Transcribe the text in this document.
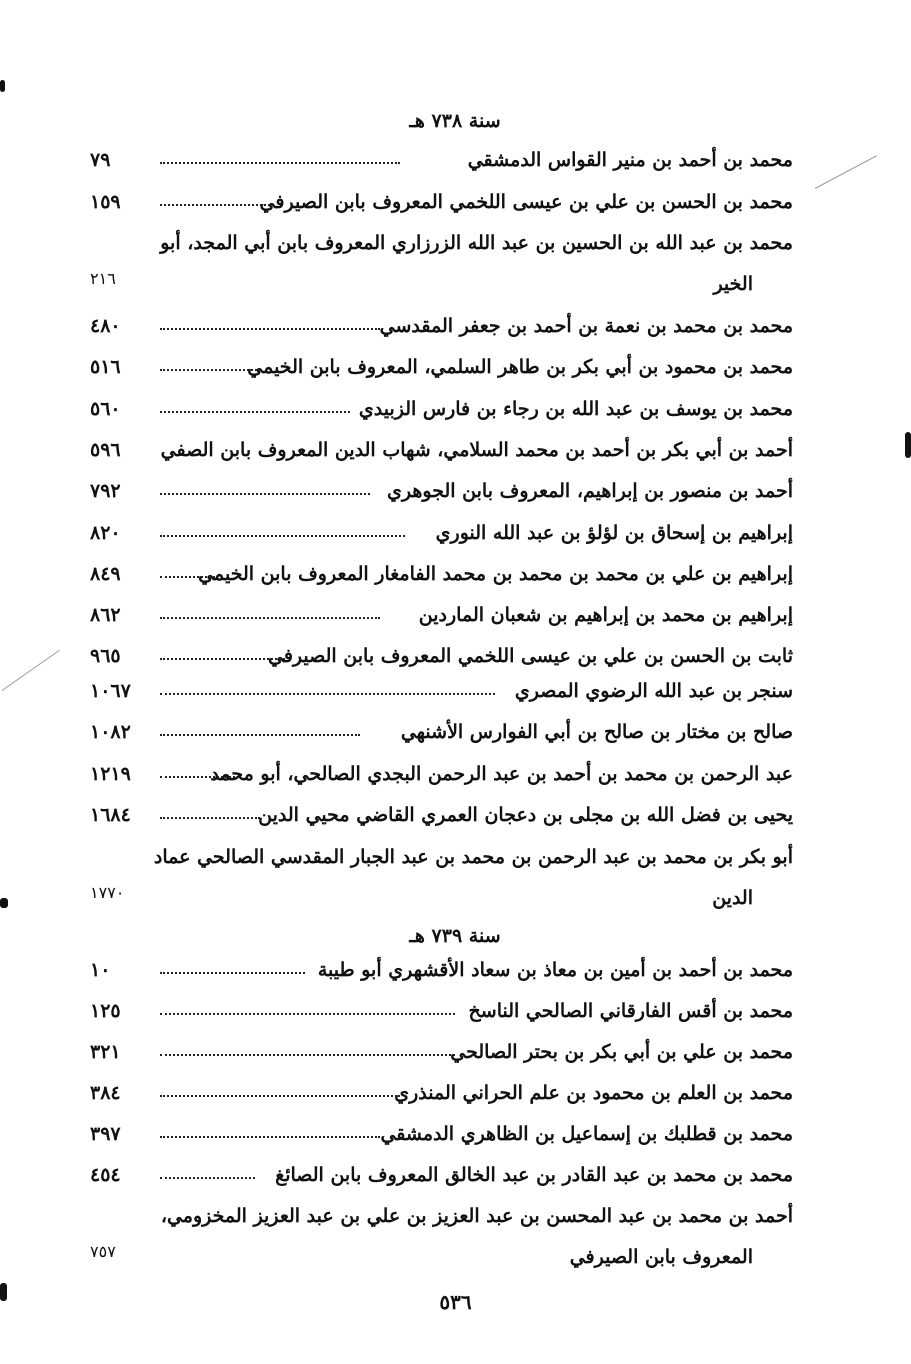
سنة ٧٣٨ هـ
محمد بن أحمد بن منير القواس الدمشقي
٧٩
محمد بن الحسن بن علي بن عيسى اللخمي المعروف بابن الصيرفي
١٥٩
محمد بن عبد الله بن الحسين بن عبد الله الزرزاري المعروف بابن أبي المجد، أبو
الخير
٢١٦
محمد بن محمد بن نعمة بن أحمد بن جعفر المقدسي
٤٨٠
محمد بن محمود بن أبي بكر بن طاهر السلمي، المعروف بابن الخيمي
٥١٦
محمد بن يوسف بن عبد الله بن رجاء بن فارس الزبيدي
٥٦٠
أحمد بن أبي بكر بن أحمد بن محمد السلامي، شهاب الدين المعروف بابن الصفي
٥٩٦
أحمد بن منصور بن إبراهيم، المعروف بابن الجوهري
٧٩٢
إبراهيم بن إسحاق بن لؤلؤ بن عبد الله النوري
٨٢٠
إبراهيم بن علي بن محمد بن محمد بن محمد الفامغار المعروف بابن الخيمي
٨٤٩
إبراهيم بن محمد بن إبراهيم بن شعبان الماردين
٨٦٢
ثابت بن الحسن بن علي بن عيسى اللخمي المعروف بابن الصيرفي
٩٦٥
سنجر بن عبد الله الرضوي المصري
١٠٦٧
صالح بن مختار بن صالح بن أبي الفوارس الأشنهي
١٠٨٢
عبد الرحمن بن محمد بن أحمد بن عبد الرحمن البجدي الصالحي، أبو محمد
١٢١٩
يحيى بن فضل الله بن مجلى بن دعجان العمري القاضي محيي الدين
١٦٨٤
أبو بكر بن محمد بن عبد الرحمن بن محمد بن عبد الجبار المقدسي الصالحي عماد
الدين
١٧٧٠
سنة ٧٣٩ هـ
محمد بن أحمد بن أمين بن معاذ بن سعاد الأقشهري أبو طيبة
١٠
محمد بن أقس الفارقاني الصالحي الناسخ
١٢٥
محمد بن علي بن أبي بكر بن بحتر الصالحي
٣٢١
محمد بن العلم بن محمود بن علم الحراني المنذري
٣٨٤
محمد بن قطلبك بن إسماعيل بن الظاهري الدمشقي
٣٩٧
محمد بن محمد بن عبد القادر بن عبد الخالق المعروف بابن الصائغ
٤٥٤
أحمد بن محمد بن عبد المحسن بن عبد العزيز بن علي بن عبد العزيز المخزومي،
المعروف بابن الصيرفي
٧٥٧
٥٣٦
